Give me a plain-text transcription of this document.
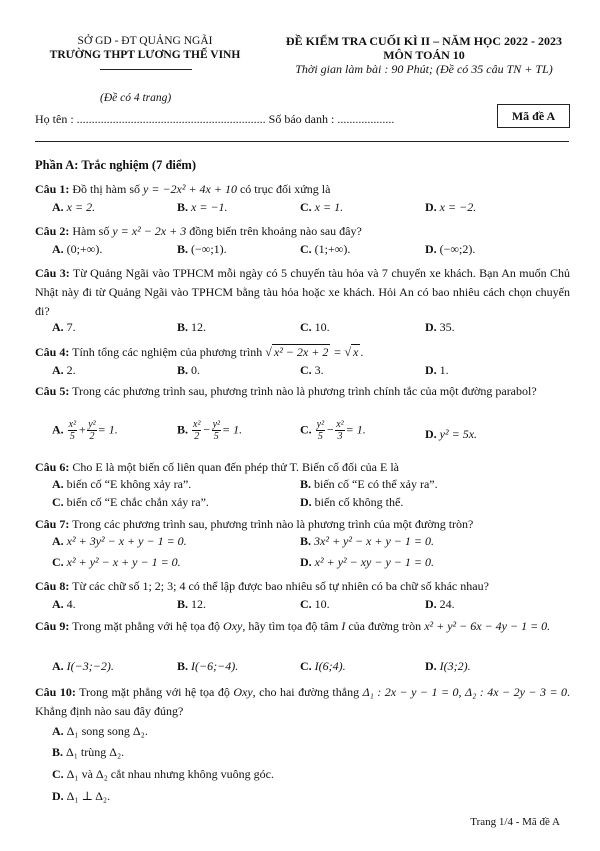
SỞ GD - ĐT QUẢNG NGÃI
TRƯỜNG THPT LƯƠNG THẾ VINH
ĐỀ KIỂM TRA CUỐI KÌ II – NĂM HỌC 2022 - 2023
MÔN TOÁN 10
Thời gian làm bài : 90 Phút; (Đề có 35 câu TN + TL)
(Đề có 4 trang)
Họ tên : ............................................................... Số báo danh : ...................	Mã đề A
Phần A: Trắc nghiệm (7 điểm)
Câu 1: Đồ thị hàm số y = −2x² + 4x + 10 có trục đối xứng là
A. x = 2.	B. x = −1.	C. x = 1.	D. x = −2.
Câu 2: Hàm số y = x² − 2x + 3 đồng biến trên khoảng nào sau đây?
A. (0;+∞).	B. (−∞;1).	C. (1;+∞).	D. (−∞;2).
Câu 3: Từ Quảng Ngãi vào TPHCM mỗi ngày có 5 chuyến tàu hỏa và 7 chuyến xe khách. Bạn An muốn Chủ Nhật này đi từ Quảng Ngãi vào TPHCM bằng tàu hỏa hoặc xe khách. Hỏi An có bao nhiêu cách chọn chuyến đi?
A. 7.	B. 12.	C. 10.	D. 35.
Câu 4: Tính tổng các nghiệm của phương trình √ x² − 2x + 2 = √ x .
A. 2.	B. 0.	C. 3.	D. 1.
Câu 5: Trong các phương trình sau, phương trình nào là phương trình chính tắc của một đường parabol?
A. $\frac{\text{x²}}{5} + \frac{\text{y²}}{2} = 1$.	B. $\frac{\text{x²}}{2} - \frac{\text{y²}}{5} = 1$.	C. $\frac{\text{y²}}{5} - \frac{\text{x²}}{3} = 1$.	D. y² = 5x.
Câu 6: Cho E là một biến cố liên quan đến phép thử T. Biến cố đối của E là
A. biến cố “E không xảy ra”.	B. biến cố “E có thể xảy ra”.
C. biến cố “E chắc chắn xảy ra”.	D. biến cố không thể.
Câu 7: Trong các phương trình sau, phương trình nào là phương trình của một đường tròn?
A. x² + 3y² − x + y − 1 = 0.	B. 3x² + y² − x + y − 1 = 0.
C. x² + y² − x + y − 1 = 0.	D. x² + y² − xy − y − 1 = 0.
Câu 8: Từ các chữ số 1; 2; 3; 4 có thể lập được bao nhiêu số tự nhiên có ba chữ số khác nhau?
A. 4.	B. 12.	C. 10.	D. 24.
Câu 9: Trong mặt phẳng với hệ tọa độ Oxy, hãy tìm tọa độ tâm I của đường tròn x² + y² − 6x − 4y − 1 = 0.
A. I(−3;−2).	B. I(−6;−4).	C. I(6;4).	D. I(3;2).
Câu 10: Trong mặt phẳng với hệ tọa độ Oxy, cho hai đường thẳng Δ₁ : 2x − y − 1 = 0, Δ₂ : 4x − 2y − 3 = 0. Khẳng định nào sau đây đúng?
A. Δ₁ song song Δ₂.
B. Δ₁ trùng Δ₂.
C. Δ₁ và Δ₂ cắt nhau nhưng không vuông góc.
D. Δ₁ ⊥ Δ₂.
Trang 1/4 - Mã đề A
